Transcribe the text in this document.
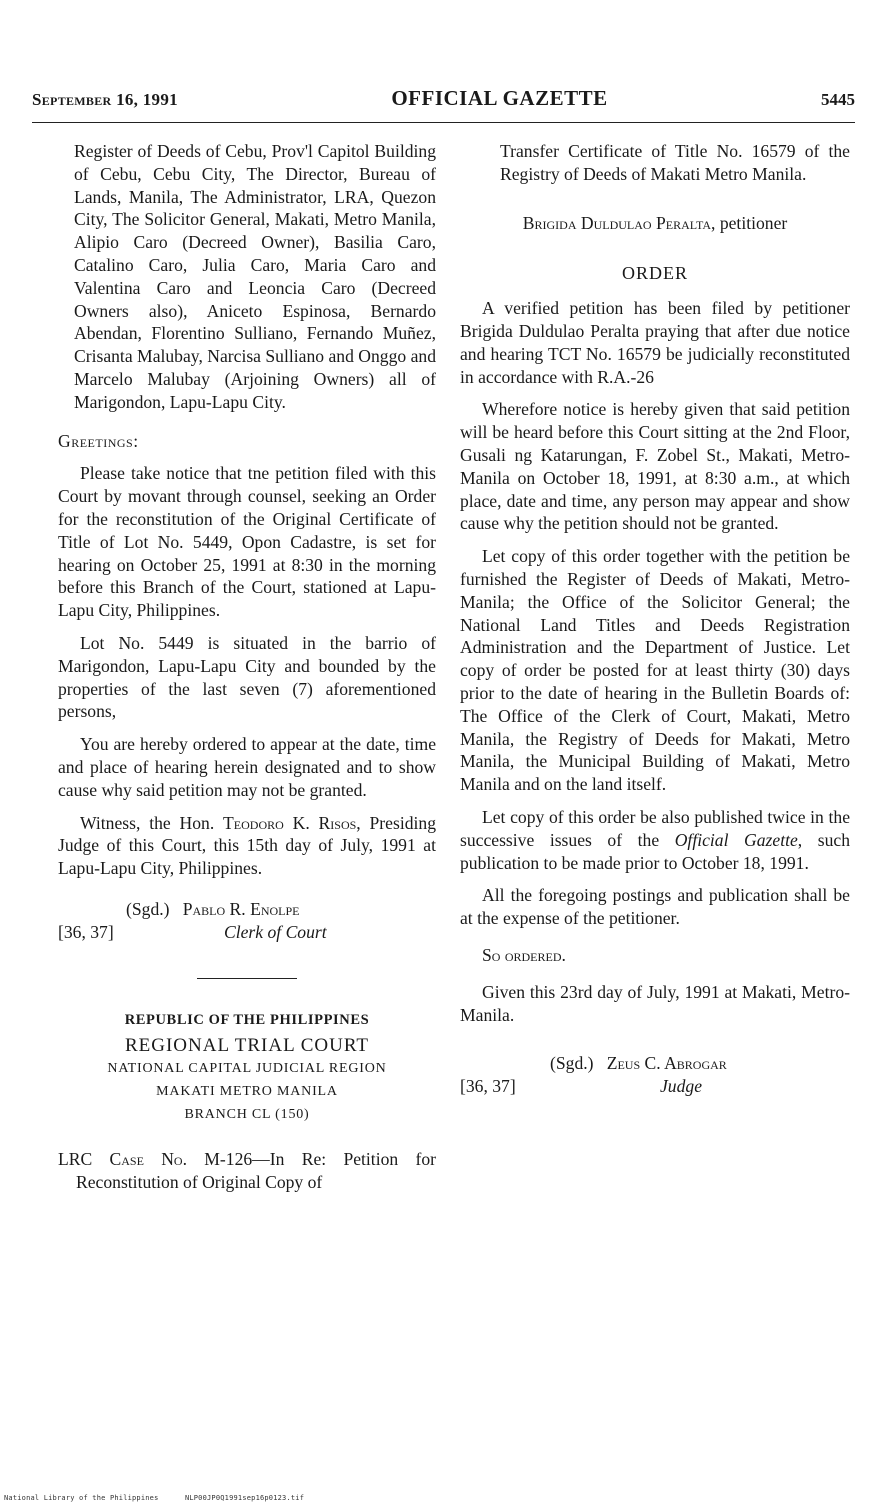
September 16, 1991	OFFICIAL GAZETTE	5445

Register of Deeds of Cebu, Prov'l Capitol Building of Cebu, Cebu City, The Director, Bureau of Lands, Manila, The Administrator, LRA, Quezon City, The Solicitor General, Makati, Metro Manila, Alipio Caro (Decreed Owner), Basilia Caro, Catalino Caro, Julia Caro, Maria Caro and Valentina Caro and Leoncia Caro (Decreed Owners also), Aniceto Espinosa, Bernardo Abendan, Florentino Sulliano, Fernando Muñez, Crisanta Malubay, Narcisa Sulliano and Onggo and Marcelo Malubay (Arjoining Owners) all of Marigondon, Lapu-Lapu City.

Greetings:

Please take notice that tne petition filed with this Court by movant through counsel, seeking an Order for the reconstitution of the Original Certificate of Title of Lot No. 5449, Opon Cadastre, is set for hearing on October 25, 1991 at 8:30 in the morning before this Branch of the Court, stationed at Lapu-Lapu City, Philippines.

Lot No. 5449 is situated in the barrio of Marigondon, Lapu-Lapu City and bounded by the properties of the last seven (7) aforementioned persons,

You are hereby ordered to appear at the date, time and place of hearing herein designated and to show cause why said petition may not be granted.

Witness, the Hon. Teodoro K. Risos, Presiding Judge of this Court, this 15th day of July, 1991 at Lapu-Lapu City, Philippines.

(Sgd.) Pablo R. Enolpe
[36, 37]	Clerk of Court
REPUBLIC OF THE PHILIPPINES
REGIONAL TRIAL COURT
NATIONAL CAPITAL JUDICIAL REGION
MAKATI METRO MANILA
BRANCH CL (150)

LRC Case No. M-126—In Re: Petition for Reconstitution of Original Copy of

Transfer Certificate of Title No. 16579 of the Registry of Deeds of Makati Metro Manila.

Brigida Duldulao Peralta, petitioner

ORDER

A verified petition has been filed by petitioner Brigida Duldulao Peralta praying that after due notice and hearing TCT No. 16579 be judicially reconstituted in accordance with R.A.-26

Wherefore notice is hereby given that said petition will be heard before this Court sitting at the 2nd Floor, Gusali ng Katarungan, F. Zobel St., Makati, Metro-Manila on October 18, 1991, at 8:30 a.m., at which place, date and time, any person may appear and show cause why the petition should not be granted.

Let copy of this order together with the petition be furnished the Register of Deeds of Makati, Metro-Manila; the Office of the Solicitor General; the National Land Titles and Deeds Registration Administration and the Department of Justice. Let copy of order be posted for at least thirty (30) days prior to the date of hearing in the Bulletin Boards of: The Office of the Clerk of Court, Makati, Metro Manila, the Registry of Deeds for Makati, Metro Manila, the Municipal Building of Makati, Metro Manila and on the land itself.

Let copy of this order be also published twice in the successive issues of the Official Gazette, such publication to be made prior to October 18, 1991.

All the foregoing postings and publication shall be at the expense of the petitioner.

So ordered.

Given this 23rd day of July, 1991 at Makati, Metro-Manila.

(Sgd.) Zeus C. Abrogar
[36, 37]	Judge
National Library of the Philippines	NLP00JP0Q1991sep16p0123.tif
